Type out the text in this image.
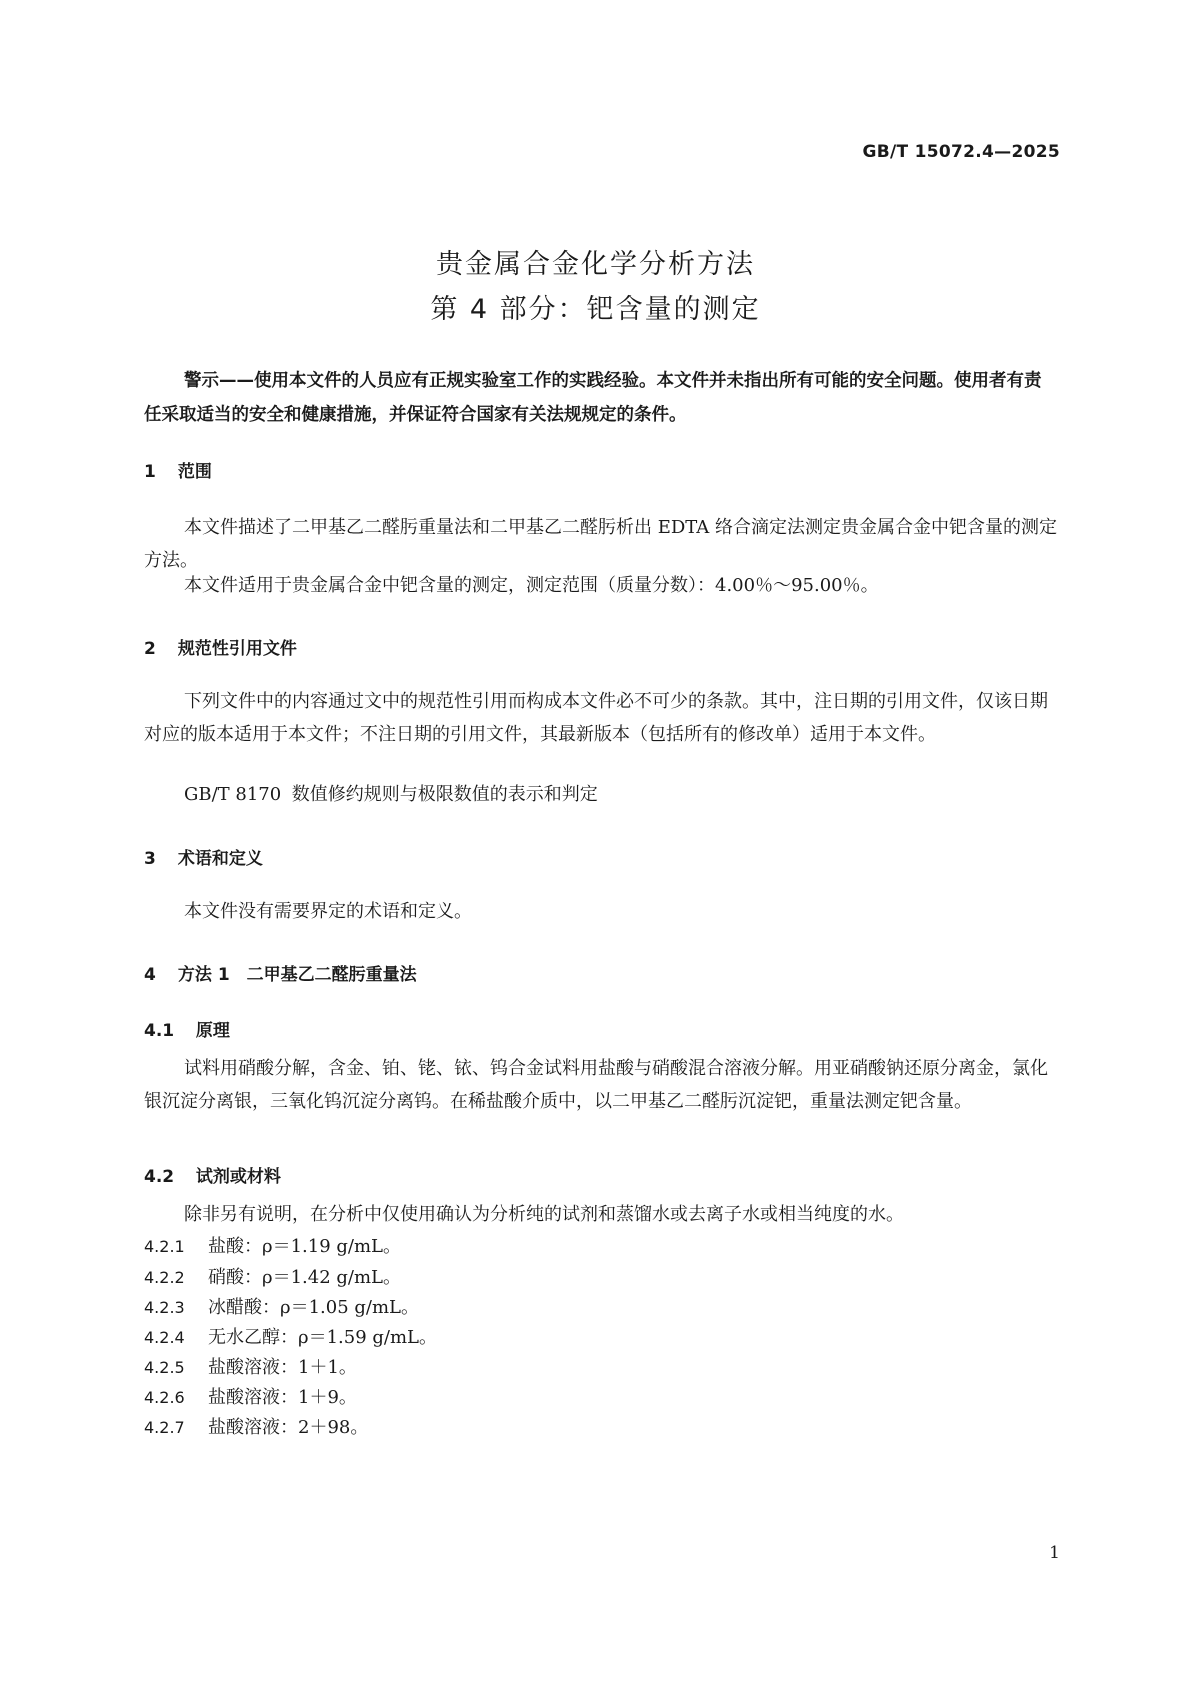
GB/T 15072.4—2025
贵金属合金化学分析方法
第 4 部分：钯含量的测定
警示——使用本文件的人员应有正规实验室工作的实践经验。本文件并未指出所有可能的安全问题。使用者有责任采取适当的安全和健康措施，并保证符合国家有关法规规定的条件。
1 范围
本文件描述了二甲基乙二醛肟重量法和二甲基乙二醛肟析出 EDTA 络合滴定法测定贵金属合金中钯含量的测定方法。
本文件适用于贵金属合金中钯含量的测定，测定范围（质量分数）：4.00％～95.00％。
2 规范性引用文件
下列文件中的内容通过文中的规范性引用而构成本文件必不可少的条款。其中，注日期的引用文件，仅该日期对应的版本适用于本文件；不注日期的引用文件，其最新版本（包括所有的修改单）适用于本文件。
GB/T 8170 数值修约规则与极限数值的表示和判定
3 术语和定义
本文件没有需要界定的术语和定义。
4 方法 1　二甲基乙二醛肟重量法
4.1 原理
试料用硝酸分解，含金、铂、铑、铱、钨合金试料用盐酸与硝酸混合溶液分解。用亚硝酸钠还原分离金，氯化银沉淀分离银，三氧化钨沉淀分离钨。在稀盐酸介质中，以二甲基乙二醛肟沉淀钯，重量法测定钯含量。
4.2 试剂或材料
除非另有说明，在分析中仅使用确认为分析纯的试剂和蒸馏水或去离子水或相当纯度的水。
4.2.1 盐酸：ρ＝1.19 g/mL。
4.2.2 硝酸：ρ＝1.42 g/mL。
4.2.3 冰醋酸：ρ＝1.05 g/mL。
4.2.4 无水乙醇：ρ＝1.59 g/mL。
4.2.5 盐酸溶液：1＋1。
4.2.6 盐酸溶液：1＋9。
4.2.7 盐酸溶液：2＋98。
1
